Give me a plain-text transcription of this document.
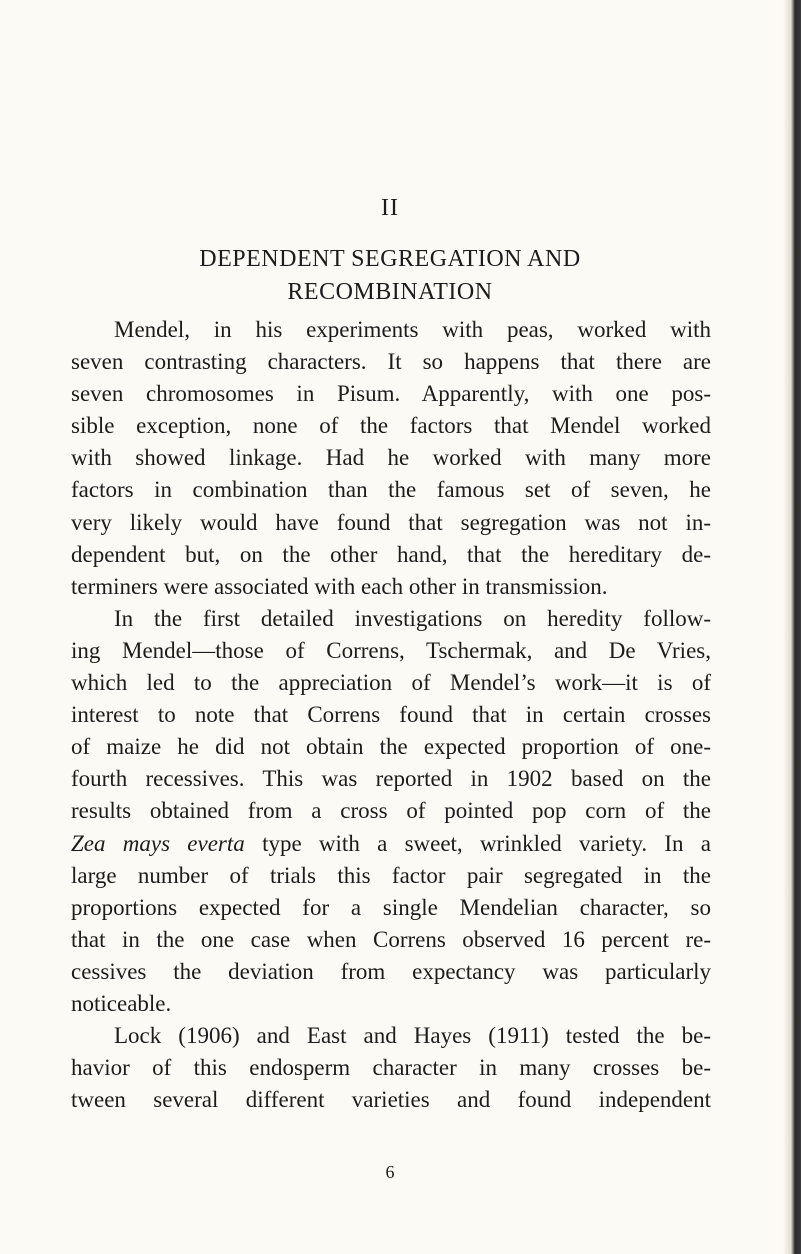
II
DEPENDENT SEGREGATION AND
RECOMBINATION
Mendel, in his experiments with peas, worked with
seven contrasting characters. It so happens that there are
seven chromosomes in Pisum. Apparently, with one pos-
sible exception, none of the factors that Mendel worked
with showed linkage. Had he worked with many more
factors in combination than the famous set of seven, he
very likely would have found that segregation was not in-
dependent but, on the other hand, that the hereditary de-
terminers were associated with each other in transmission.
In the first detailed investigations on heredity follow-
ing Mendel—those of Correns, Tschermak, and De Vries,
which led to the appreciation of Mendel’s work—it is of
interest to note that Correns found that in certain crosses
of maize he did not obtain the expected proportion of one-
fourth recessives. This was reported in 1902 based on the
results obtained from a cross of pointed pop corn of the
Zea mays everta type with a sweet, wrinkled variety. In a
large number of trials this factor pair segregated in the
proportions expected for a single Mendelian character, so
that in the one case when Correns observed 16 percent re-
cessives the deviation from expectancy was particularly
noticeable.
Lock (1906) and East and Hayes (1911) tested the be-
havior of this endosperm character in many crosses be-
tween several different varieties and found independent
6
